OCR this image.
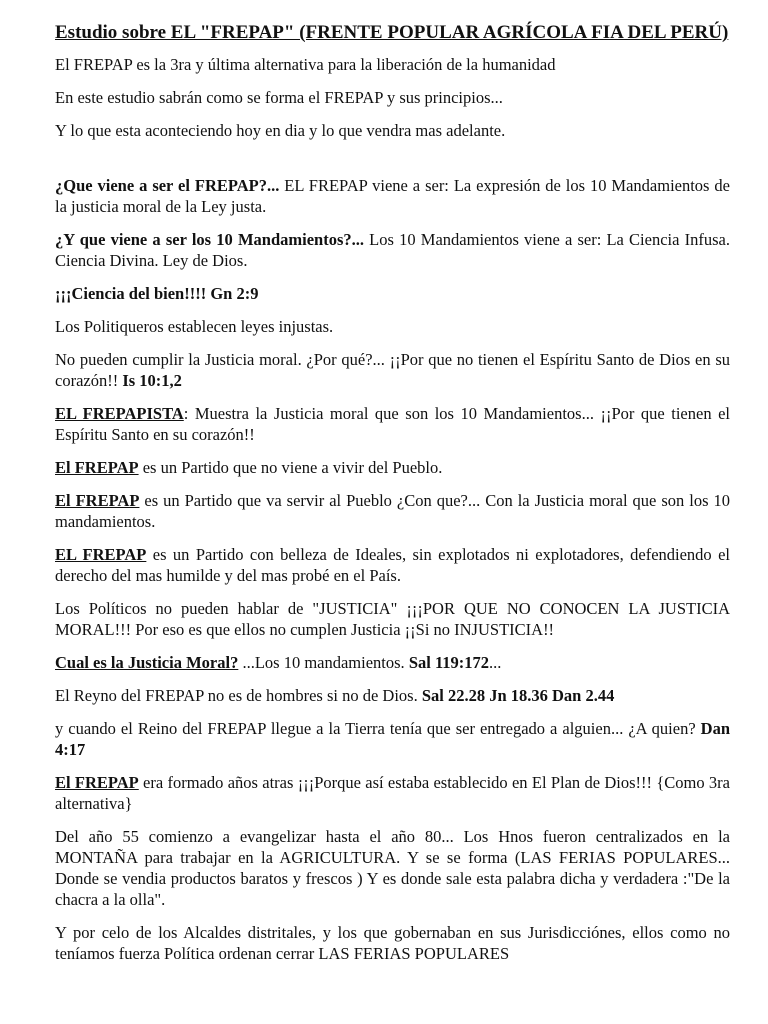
Estudio sobre EL "FREPAP" (FRENTE POPULAR AGRÍCOLA FIA DEL PERÚ)

El FREPAP es la 3ra y última alternativa para la liberación de la humanidad

En este estudio sabrán como se forma el FREPAP y sus principios...

Y lo que esta aconteciendo hoy en dia y lo que vendra mas adelante.

¿Que viene a ser el FREPAP?... EL FREPAP viene a ser: La expresión de los 10 Mandamientos de la justicia moral de la Ley justa.

¿Y que viene a ser los 10 Mandamientos?... Los 10 Mandamientos viene a ser: La Ciencia Infusa. Ciencia Divina. Ley de Dios.

¡¡¡Ciencia del bien!!!! Gn 2:9

Los Politiqueros establecen leyes injustas.

No pueden cumplir la Justicia moral. ¿Por qué?... ¡¡Por que no tienen el Espíritu Santo de Dios en su corazón!! Is 10:1,2

EL FREPAPISTA: Muestra la Justicia moral que son los 10 Mandamientos... ¡¡Por que tienen el Espíritu Santo en su corazón!!

El FREPAP es un Partido que no viene a vivir del Pueblo.

El FREPAP es un Partido que va servir al Pueblo ¿Con que?... Con la Justicia moral que son los 10 mandamientos.

EL FREPAP es un Partido con belleza de Ideales, sin explotados ni explotadores, defendiendo el derecho del mas humilde y del mas probé en el País.

Los Políticos no pueden hablar de "JUSTICIA" ¡¡¡POR QUE NO CONOCEN LA JUSTICIA MORAL!!! Por eso es que ellos no cumplen Justicia ¡¡Si no INJUSTICIA!!

Cual es la Justicia Moral? ...Los 10 mandamientos. Sal 119:172...

El Reyno del FREPAP no es de hombres si no de Dios. Sal 22.28 Jn 18.36 Dan 2.44

y cuando el Reino del FREPAP llegue a la Tierra tenía que ser entregado a alguien... ¿A quien? Dan 4:17

El FREPAP era formado años atras ¡¡¡Porque así estaba establecido en El Plan de Dios!!! {Como 3ra alternativa}

Del año 55 comienzo a evangelizar hasta el año 80... Los Hnos fueron centralizados en la MONTAÑA para trabajar en la AGRICULTURA. Y se se forma (LAS FERIAS POPULARES... Donde se vendia productos baratos y frescos ) Y es donde sale esta palabra dicha y verdadera :"De la chacra a la olla".

Y por celo de los Alcaldes distritales, y los que gobernaban en sus Jurisdicciónes, ellos como no teníamos fuerza Política ordenan cerrar LAS FERIAS POPULARES
